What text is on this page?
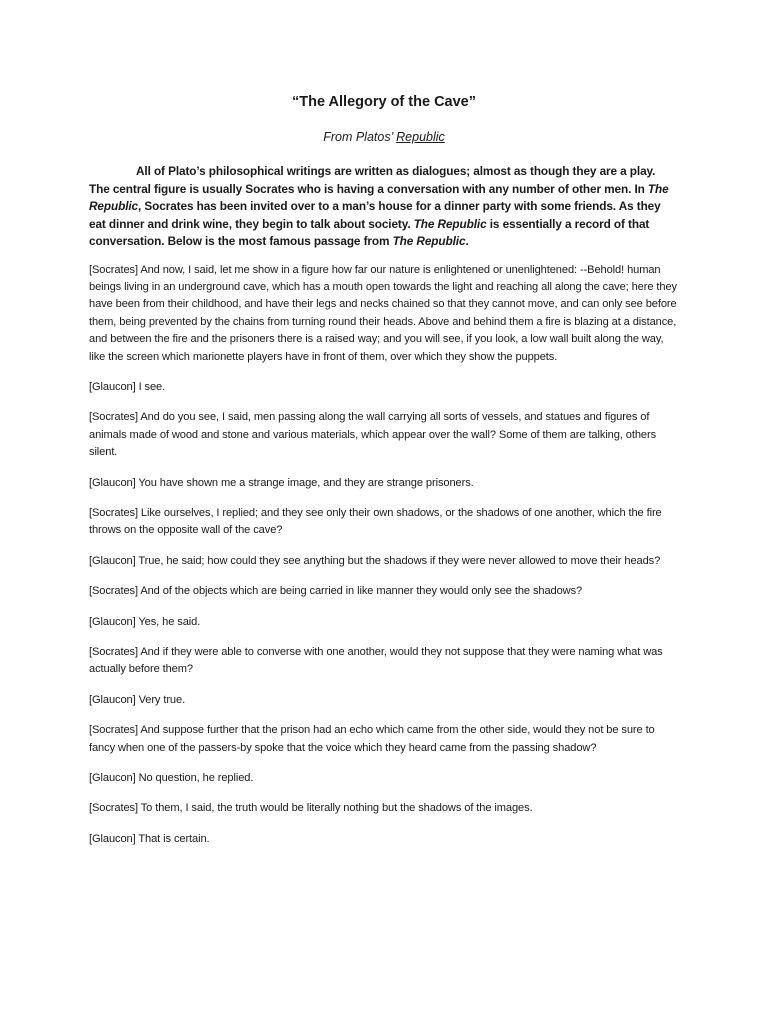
“The Allegory of the Cave”
From Platos’ Republic
All of Plato’s philosophical writings are written as dialogues; almost as though they are a play. The central figure is usually Socrates who is having a conversation with any number of other men. In The Republic, Socrates has been invited over to a man’s house for a dinner party with some friends. As they eat dinner and drink wine, they begin to talk about society. The Republic is essentially a record of that conversation. Below is the most famous passage from The Republic.
[Socrates] And now, I said, let me show in a figure how far our nature is enlightened or unenlightened: --Behold! human beings living in an underground cave, which has a mouth open towards the light and reaching all along the cave; here they have been from their childhood, and have their legs and necks chained so that they cannot move, and can only see before them, being prevented by the chains from turning round their heads. Above and behind them a fire is blazing at a distance, and between the fire and the prisoners there is a raised way; and you will see, if you look, a low wall built along the way, like the screen which marionette players have in front of them, over which they show the puppets.
[Glaucon] I see.
[Socrates] And do you see, I said, men passing along the wall carrying all sorts of vessels, and statues and figures of animals made of wood and stone and various materials, which appear over the wall? Some of them are talking, others silent.
[Glaucon] You have shown me a strange image, and they are strange prisoners.
[Socrates] Like ourselves, I replied; and they see only their own shadows, or the shadows of one another, which the fire throws on the opposite wall of the cave?
[Glaucon] True, he said; how could they see anything but the shadows if they were never allowed to move their heads?
[Socrates] And of the objects which are being carried in like manner they would only see the shadows?
[Glaucon] Yes, he said.
[Socrates] And if they were able to converse with one another, would they not suppose that they were naming what was actually before them?
[Glaucon] Very true.
[Socrates] And suppose further that the prison had an echo which came from the other side, would they not be sure to fancy when one of the passers-by spoke that the voice which they heard came from the passing shadow?
[Glaucon] No question, he replied.
[Socrates] To them, I said, the truth would be literally nothing but the shadows of the images.
[Glaucon] That is certain.
